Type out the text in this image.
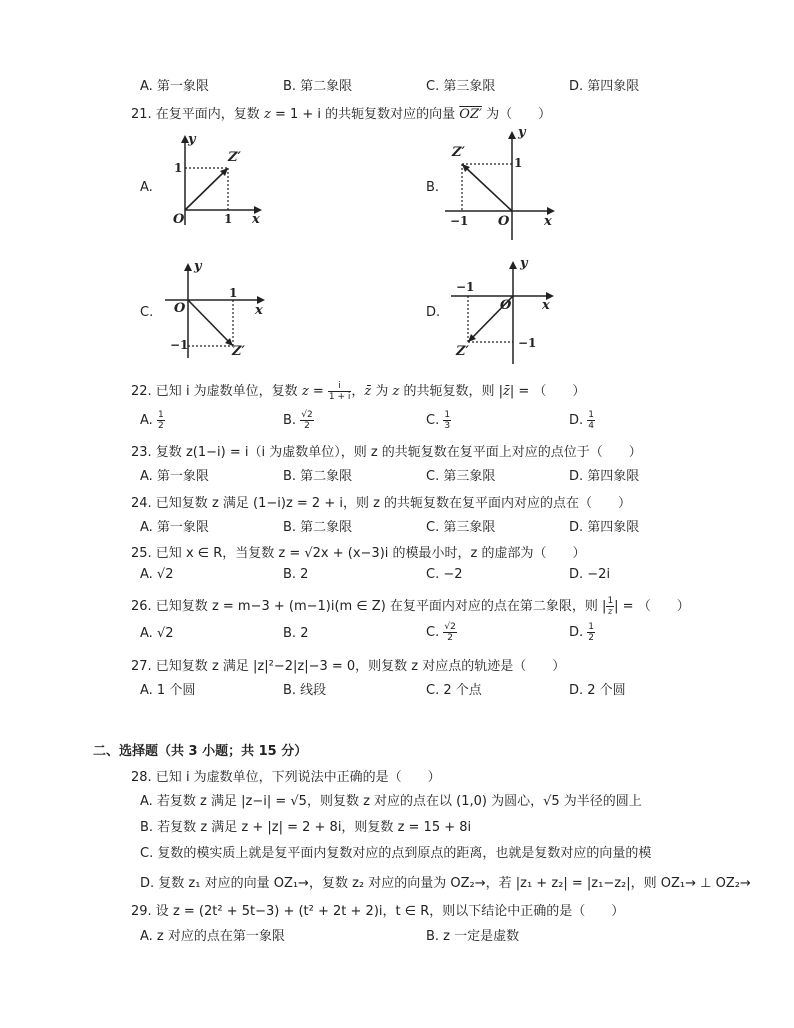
A. 第一象限	B. 第二象限	C. 第三象限	D. 第四象限
21. 在复平面内，复数 z = 1 + i 的共轭复数对应的向量 OZ′ 为（　　）
A.
y
1
Z′
O	1 x
B.
y
Z′
1
−1 O	x
C.
y
1
O	x
−1	Z′
D.
y
−1
O x
−1
Z′
22. 已知 i 为虚数单位，复数 $z = \frac{i}{1 + i}$ ，z̄ 为 z 的共轭复数，则 |z̄| = （　　）
A. $\frac{1}{2}$	B. $\frac{√2}{2}$	C. $\frac{1}{3}$	D. $\frac{1}{4}$
23. 复数 z(1−i) = i（i 为虚数单位），则 z 的共轭复数在复平面上对应的点位于（　　）
A. 第一象限	B. 第二象限	C. 第三象限	D. 第四象限
24. 已知复数 z 满足 (1−i)z = 2 + i，则 z 的共轭复数在复平面内对应的点在（　　）
A. 第一象限	B. 第二象限	C. 第三象限	D. 第四象限
25. 已知 x ∈ R，当复数 z = √2x + (x−3)i 的模最小时，z 的虚部为（　　）
A. √2	B. 2	C. −2	D. −2i
26. 已知复数 z = m−3 + (m−1)i(m ∈ Z) 在复平面内对应的点在第二象限，则 | $\frac{1}{z}$ | = （　　）
A. √2	B. 2	C. $\frac{√2}{2}$	D. $\frac{1}{2}$
27. 已知复数 z 满足 |z|²−2|z|−3 = 0，则复数 z 对应点的轨迹是（　　）
A. 1 个圆	B. 线段	C. 2 个点	D. 2 个圆
二、选择题（共 3 小题；共 15 分）
28. 已知 i 为虚数单位，下列说法中正确的是（　　）
A. 若复数 z 满足 |z−i| = √5，则复数 z 对应的点在以 (1,0) 为圆心，√5 为半径的圆上
B. 若复数 z 满足 z + |z| = 2 + 8i，则复数 z = 15 + 8i
C. 复数的模实质上就是复平面内复数对应的点到原点的距离，也就是复数对应的向量的模
D. 复数 z₁ 对应的向量 OZ₁→，复数 z₂ 对应的向量为 OZ₂→，若 |z₁ + z₂| = |z₁−z₂|，则 OZ₁→ ⊥ OZ₂→
29. 设 z = (2t² + 5t−3) + (t² + 2t + 2)i，t ∈ R，则以下结论中正确的是（　　）
A. z 对应的点在第一象限	B. z 一定是虚数
